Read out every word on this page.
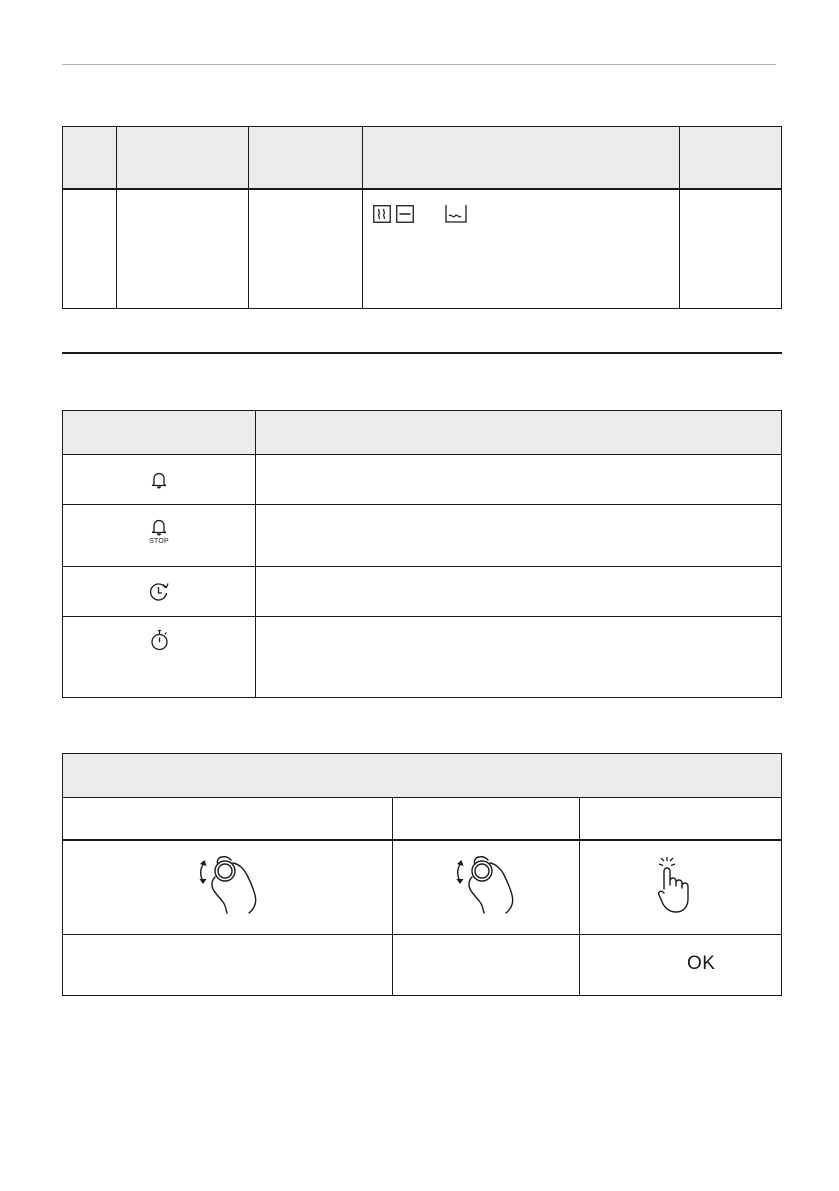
STOP
OK
